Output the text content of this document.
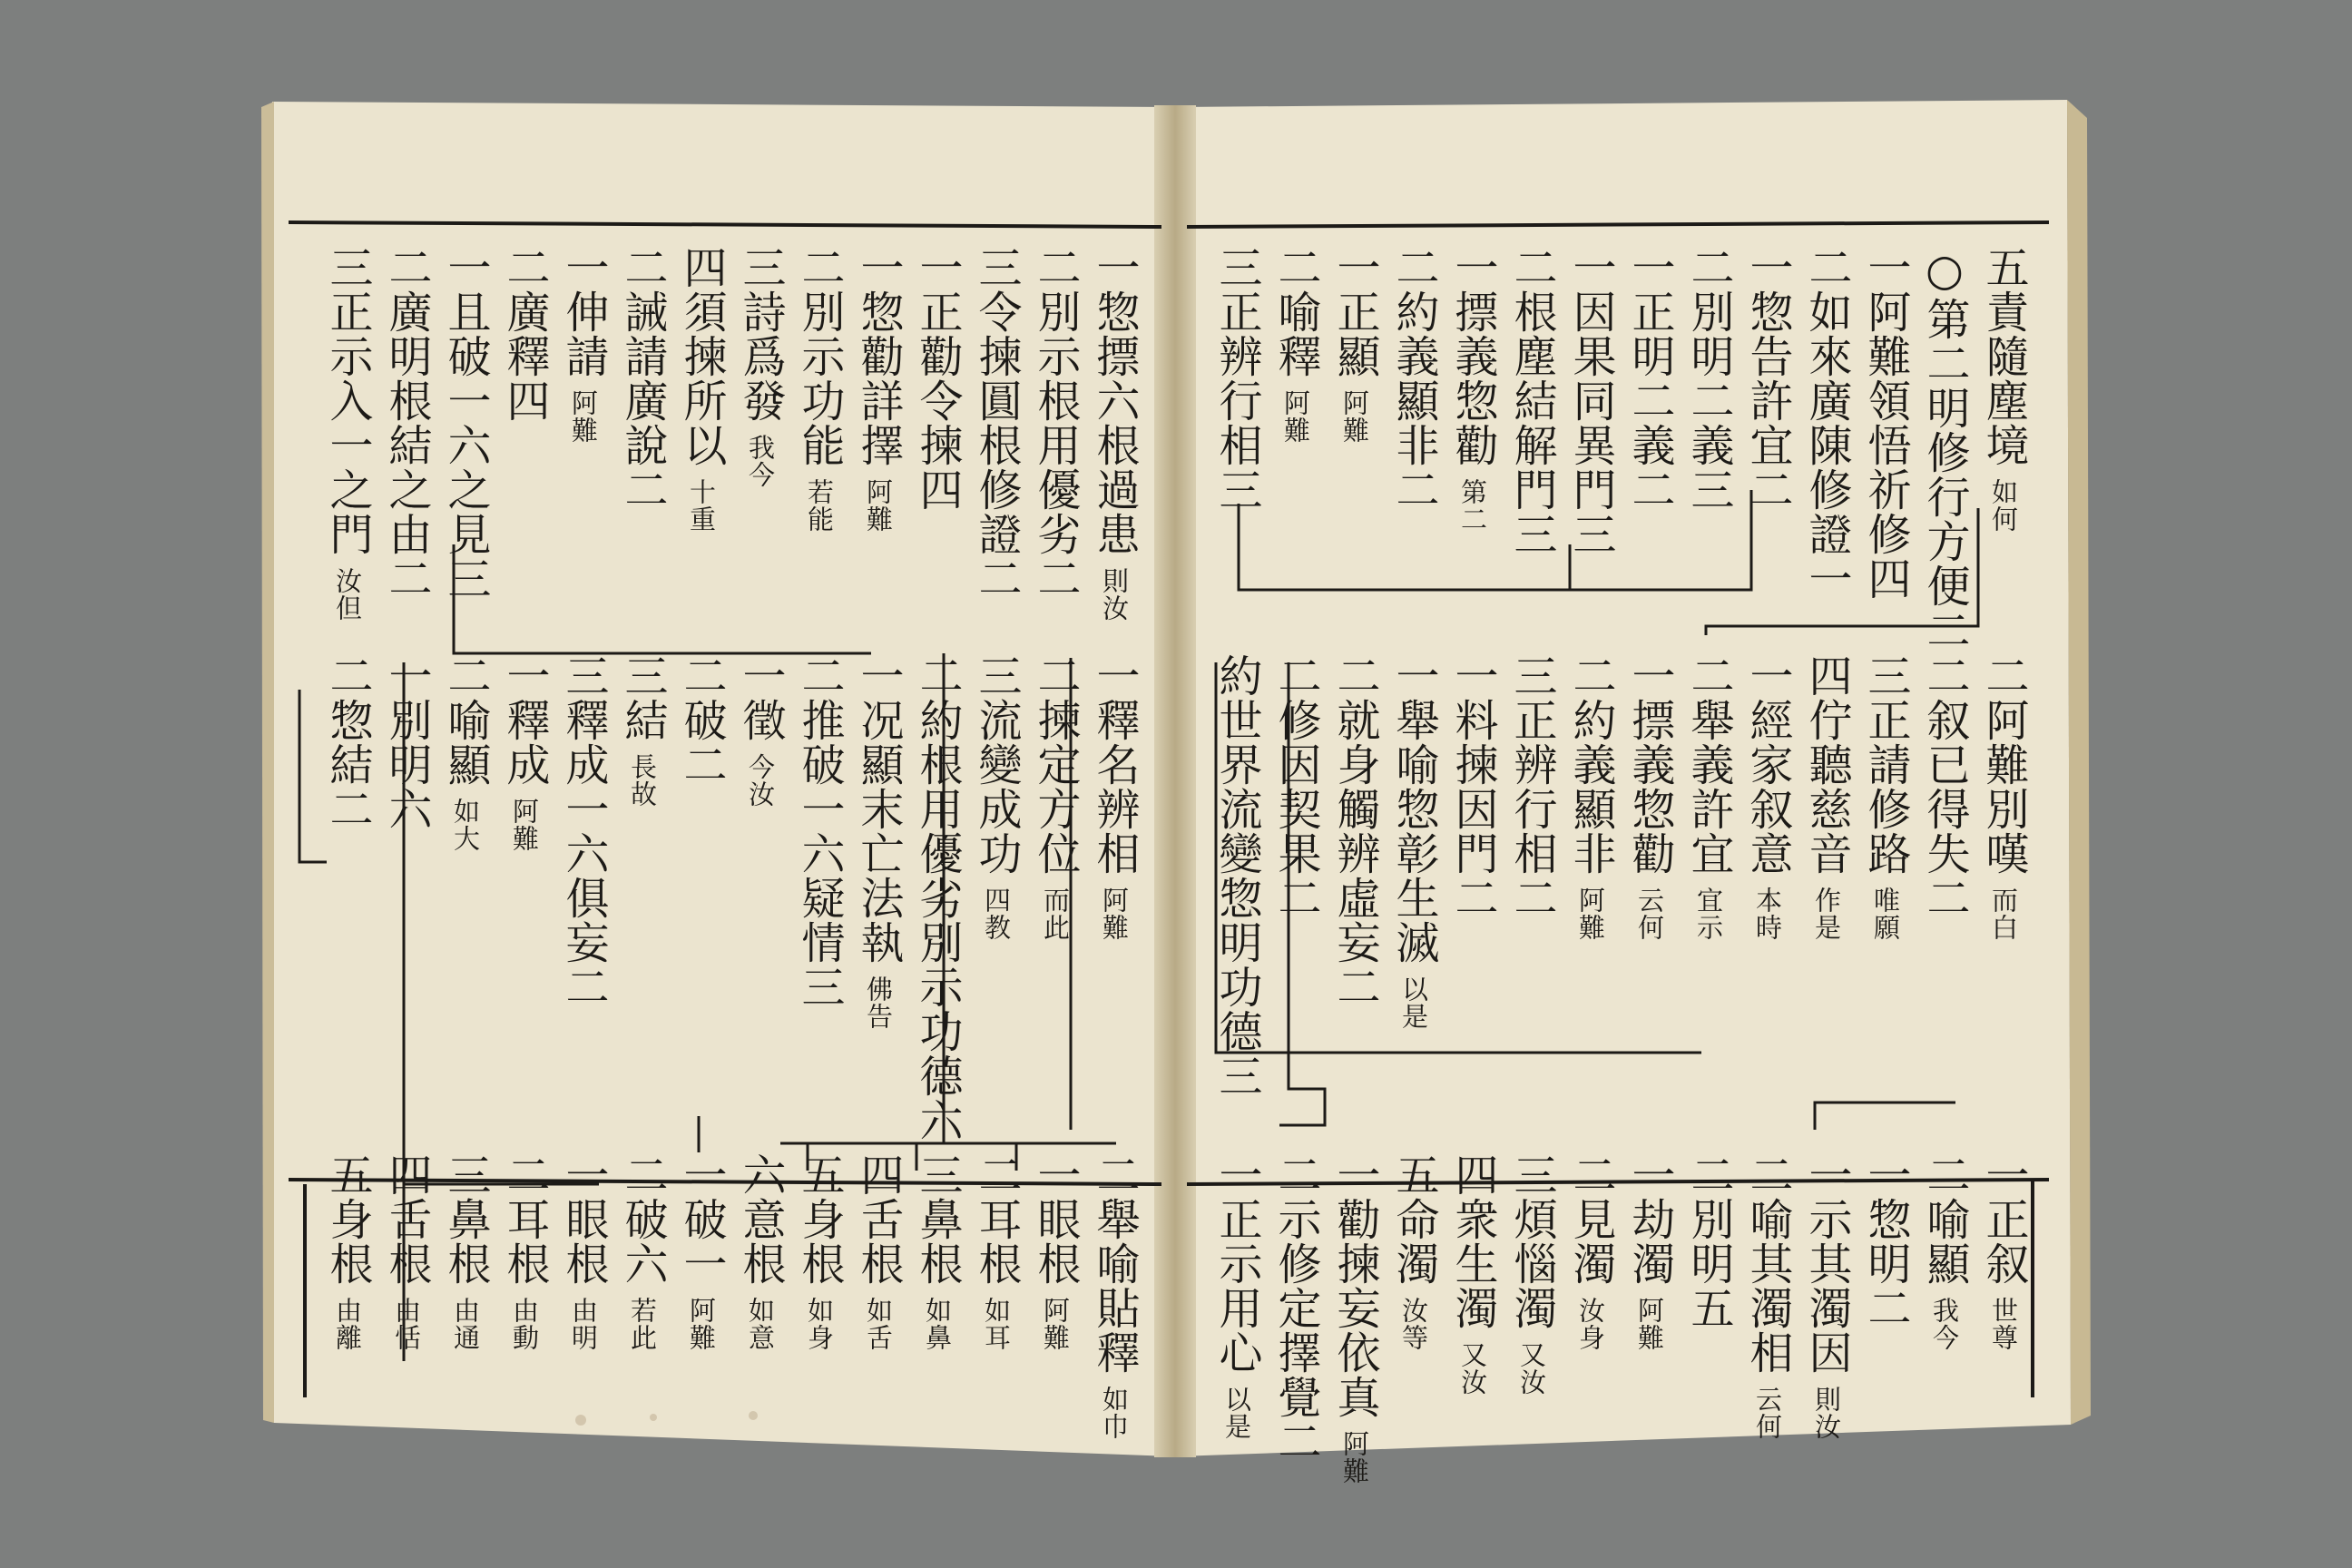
五責隨塵境如何
○第二明修行方便二
一阿難領悟祈修四
二如來廣陳修證一
一惣告許宜二
二別明二義三
一正明二義二
一因果同異門三
二根塵結解門三
一摽義惣勸第二
二約義顯非二
一正顯阿難
二喻釋阿難
三正辨行相三
二阿難別嘆而白
二叙已得失二
三正請修路唯願
四佇聽慈音作是
一經家叙意本時
二舉義許宜宜示
一摽義惣勸云何
二約義顯非阿難
三正辨行相二
一料揀因門二
一舉喻惣彰生滅以是
二就身觸辨虛妄二
二修因契果二
約世界流變惣明功德三
一正叙世尊
二喻顯我今
一惣明二
一示其濁因則汝
二喻其濁相云何
二別明五
一劫濁阿難
二見濁汝身
三煩惱濁又汝
四衆生濁又汝
五命濁汝等
一勸揀妄依真阿難
二示修定擇覺二
一正示用心以是
一惣摽六根過患則汝
二別示根用優劣二
三令揀圓根修證二
一正勸令揀四
一惣勸詳擇阿難
二別示功能若能
三詩爲發我今
四須揀所以十重
二誡請廣說二
一伸請阿難
二廣釋四
一且破一六之見三
二廣明根結之由二
三正示入一之門汝但
一釋名辨相阿難
二揀定方位而此
三流變成功四教
二約根用優劣別示功德六
一况顯末亡法執佛告
二推破一六疑情三
一徵今汝
二破二
三結長故
三釋成一六俱妄二
一釋成阿難
二喻顯如大
一別明六
二惣結二
二舉喻貼釋如巾
一眼根阿難
二耳根如耳
三鼻根如鼻
四舌根如舌
五身根如身
六意根如意
一破一阿難
二破六若此
一眼根由明
二耳根由動
三鼻根由通
四舌根由恬
五身根由離
